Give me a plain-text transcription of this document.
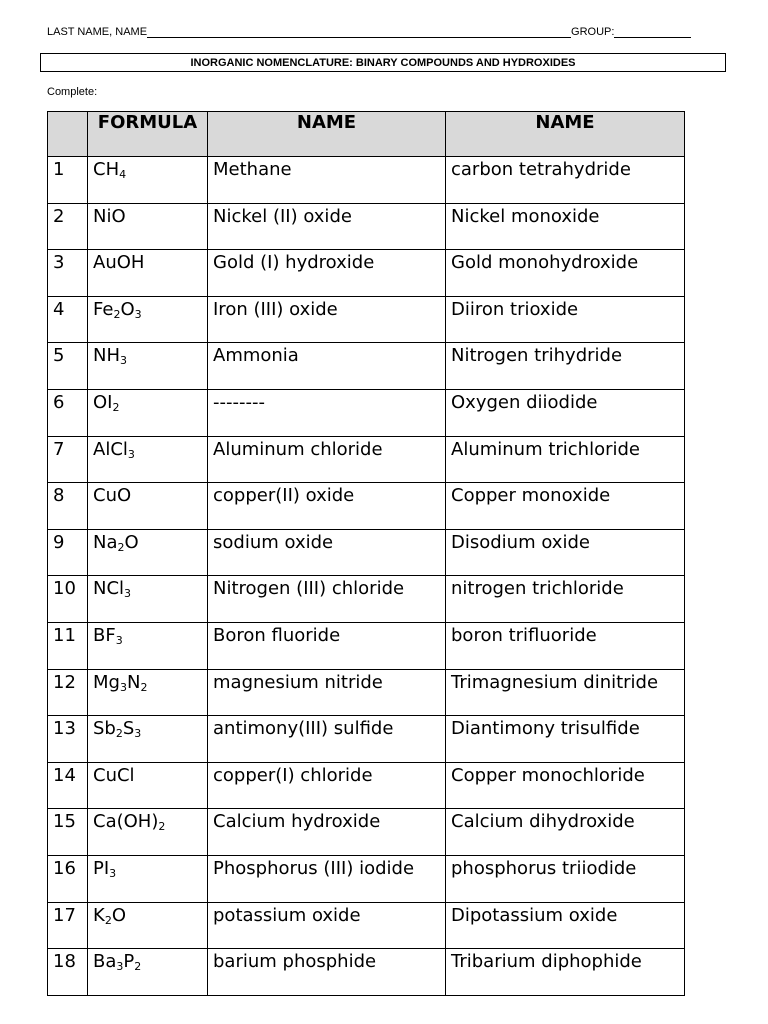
LAST NAME, NAME	GROUP:
INORGANIC NOMENCLATURE: BINARY COMPOUNDS AND HYDROXIDES
Complete:
	FORMULA	NAME	NAME
1	$CH_4$	Methane	carbon tetrahydride
2	NiO	Nickel (II) oxide	Nickel monoxide
3	AuOH	Gold (I) hydroxide	Gold monohydroxide
4	$Fe_2O_3$	Iron (III) oxide	Diiron trioxide
5	$NH_3$	Ammonia	Nitrogen trihydride
6	$OI_2$	--------	Oxygen diiodide
7	AlCl$_3$	Aluminum chloride	Aluminum trichloride
8	CuO	copper(II) oxide	Copper monoxide
9	$Na_2O$	sodium oxide	Disodium oxide
10	NCl$_3$	Nitrogen (III) chloride	nitrogen trichloride
11	$BF_3$	Boron fluoride	boron trifluoride
12	$Mg_3N_2$	magnesium nitride	Trimagnesium dinitride
13	$Sb_2S_3$	antimony(III) sulfide	Diantimony trisulfide
14	CuCl	copper(I) chloride	Copper monochloride
15	$Ca(OH)_2$	Calcium hydroxide	Calcium dihydroxide
16	$PI_3$	Phosphorus (III) iodide	phosphorus triiodide
17	$K_2O$	potassium oxide	Dipotassium oxide
18	$Ba_3P_2$	barium phosphide	Tribarium diphophide
